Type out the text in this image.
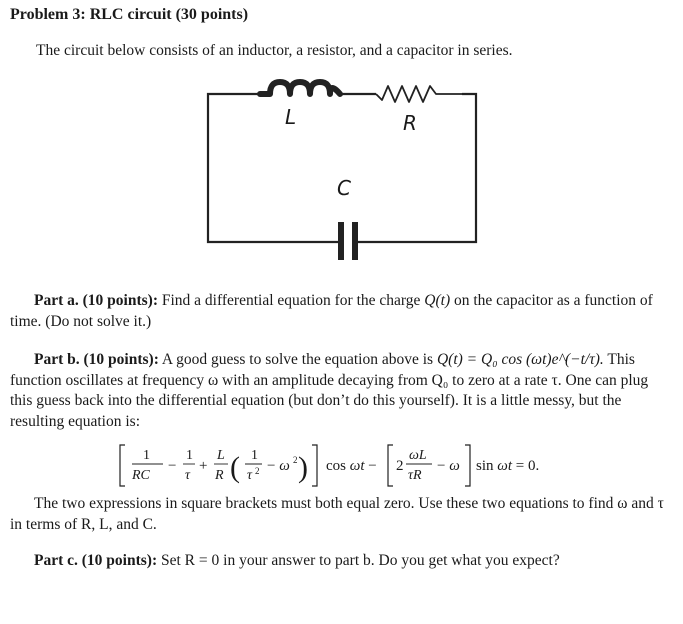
Problem 3: RLC circuit (30 points)
The circuit below consists of an inductor, a resistor, and a capacitor in series.
L	R
C
Part a. (10 points): Find a differential equation for the charge Q(t) on the capacitor as a function of time. (Do not solve it.)
Part b. (10 points): A good guess to solve the equation above is Q(t) = Q₀ cos (ωt)e^(−t/τ). This function oscillates at frequency ω with an amplitude decaying from Q₀ to zero at a rate τ. One can plug this guess back into the differential equation (but don’t do this yourself). It is a little messy, but the resulting equation is:
1
RC
−
1
τ
+
L
R ( 1
τ 2 − ω 2 ) cos ωt − 2
ωL
τR
− ω sin ωt = 0.
The two expressions in square brackets must both equal zero. Use these two equations to find ω and τ in terms of R, L, and C.
Part c. (10 points): Set R = 0 in your answer to part b. Do you get what you expect?
